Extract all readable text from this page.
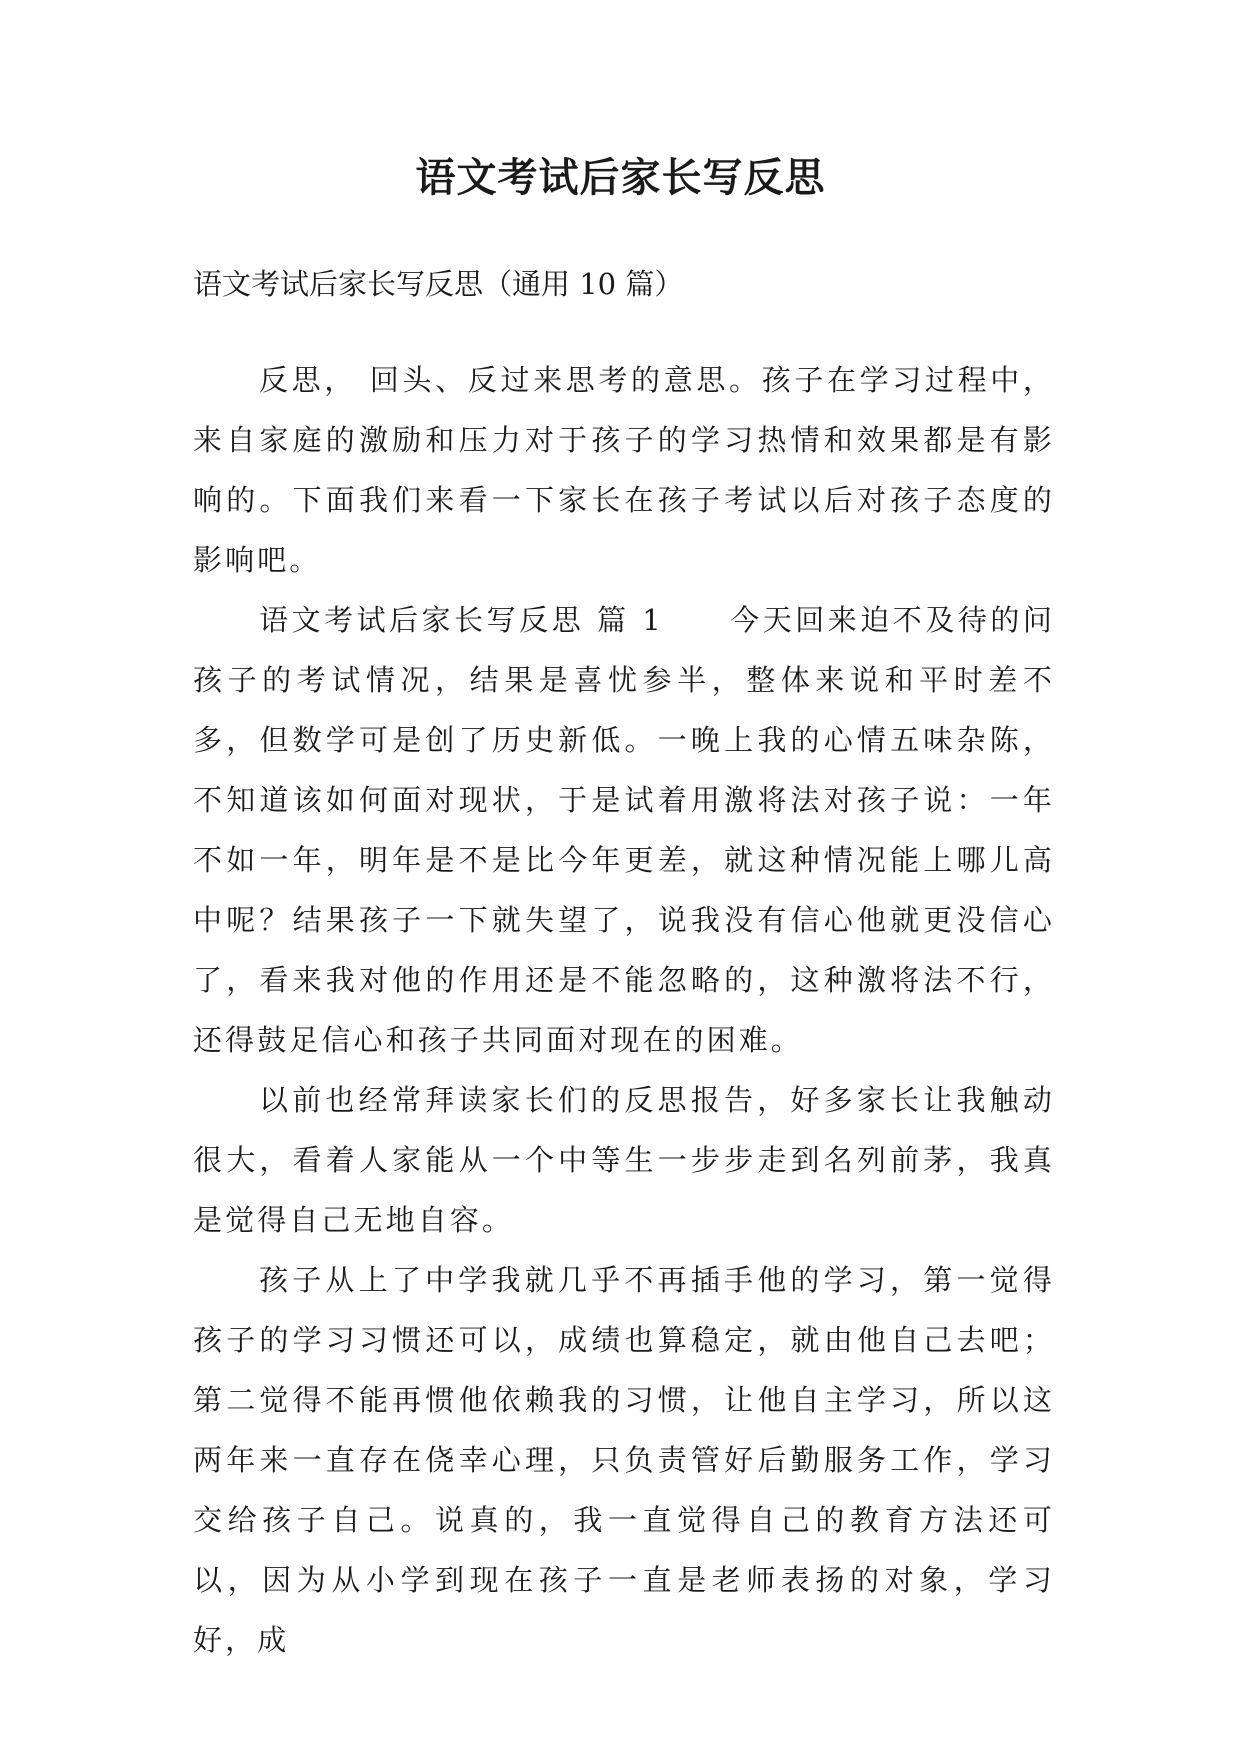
语文考试后家长写反思

语文考试后家长写反思（通用 10 篇）

反思， 回头、反过来思考的意思。孩子在学习过程中，来自家庭的激励和压力对于孩子的学习热情和效果都是有影响的。下面我们来看一下家长在孩子考试以后对孩子态度的影响吧。

语文考试后家长写反思 篇 1 今天回来迫不及待的问孩子的考试情况，结果是喜忧参半，整体来说和平时差不多，但数学可是创了历史新低。一晚上我的心情五味杂陈，不知道该如何面对现状，于是试着用激将法对孩子说：一年不如一年，明年是不是比今年更差，就这种情况能上哪儿高中呢？结果孩子一下就失望了，说我没有信心他就更没信心了，看来我对他的作用还是不能忽略的，这种激将法不行，还得鼓足信心和孩子共同面对现在的困难。

以前也经常拜读家长们的反思报告，好多家长让我触动很大，看着人家能从一个中等生一步步走到名列前茅，我真是觉得自己无地自容。

孩子从上了中学我就几乎不再插手他的学习，第一觉得孩子的学习习惯还可以，成绩也算稳定，就由他自己去吧；第二觉得不能再惯他依赖我的习惯，让他自主学习，所以这两年来一直存在侥幸心理，只负责管好后勤服务工作，学习交给孩子自己。说真的，我一直觉得自己的教育方法还可以，因为从小学到现在孩子一直是老师表扬的对象，学习好，成
